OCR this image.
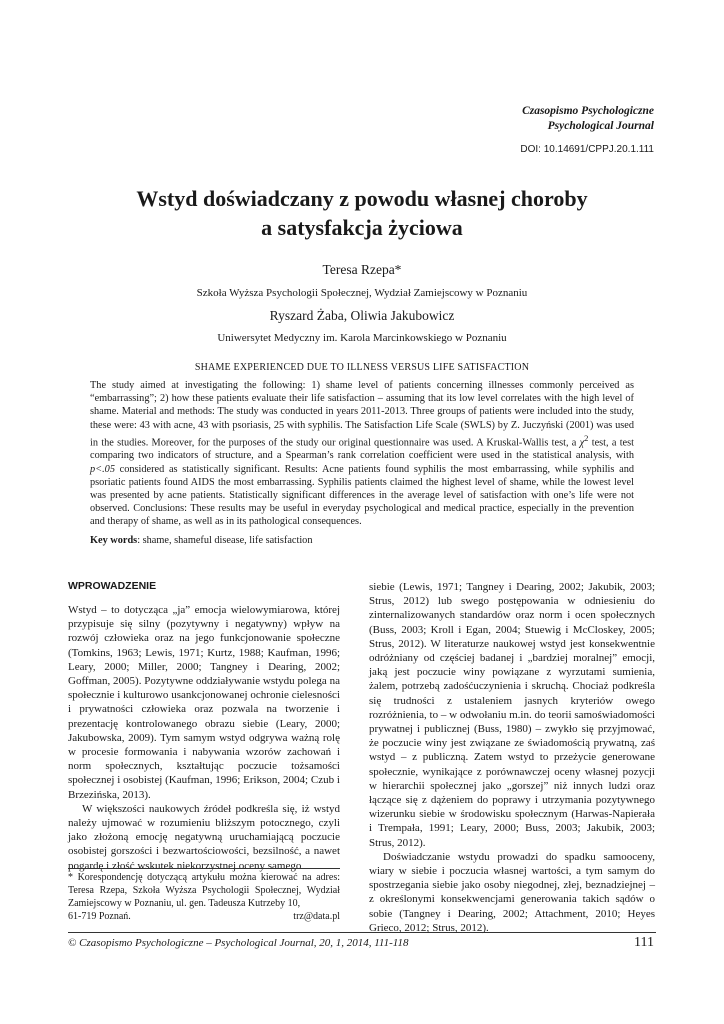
Czasopismo Psychologiczne
Psychological Journal
DOI: 10.14691/CPPJ.20.1.111
Wstyd doświadczany z powodu własnej choroby
a satysfakcja życiowa
Teresa Rzepa*
Szkoła Wyższa Psychologii Społecznej, Wydział Zamiejscowy w Poznaniu
Ryszard Żaba, Oliwia Jakubowicz
Uniwersytet Medyczny im. Karola Marcinkowskiego w Poznaniu
SHAME EXPERIENCED DUE TO ILLNESS VERSUS LIFE SATISFACTION

The study aimed at investigating the following: 1) shame level of patients concerning illnesses commonly perceived as “embarrassing”; 2) how these patients evaluate their life satisfaction – assuming that its low level correlates with the high level of shame. Material and methods: The study was conducted in years 2011-2013. Three groups of patients were included into the study, these were: 43 with acne, 43 with psoriasis, 25 with syphilis. The Satisfaction Life Scale (SWLS) by Z. Juczyński (2001) was used in the studies. Moreover, for the purposes of the study our original questionnaire was used. A Kruskal-Wallis test, a $\chi^2$ test, a test comparing two indicators of structure, and a Spearman’s rank correlation coefficient were used in the statistical analysis, with p<.05 considered as statistically significant. Results: Acne patients found syphilis the most embarrassing, while syphilis and psoriatic patients found AIDS the most embarrassing. Syphilis patients claimed the highest level of shame, while the lowest level was presented by acne patients. Statistically significant differences in the average level of satisfaction with one’s life were not observed. Conclusions: These results may be useful in everyday psychological and medical practice, especially in the prevention and therapy of shame, as well as in its pathological consequences.

Key words: shame, shameful disease, life satisfaction
WPROWADZENIE

Wstyd – to dotycząca „ja” emocja wielowymiarowa, której przypisuje się silny (pozytywny i negatywny) wpływ na rozwój człowieka oraz na jego funkcjonowanie społeczne (Tomkins, 1963; Lewis, 1971; Kurtz, 1988; Kaufman, 1996; Leary, 2000; Miller, 2000; Tangney i Dearing, 2002; Goffman, 2005). Pozytywne oddziaływanie wstydu polega na społecznie i kulturowo usankcjonowanej ochronie cielesności i prywatności człowieka oraz pozwala na tworzenie i prezentację kontrolowanego obrazu siebie (Leary, 2000; Jakubowska, 2009). Tym samym wstyd odgrywa ważną rolę w procesie formowania i nabywania wzorów zachowań i norm społecznych, kształtując poczucie tożsamości społecznej i osobistej (Kaufman, 1996; Erikson, 2004; Czub i Brzezińska, 2013).

W większości naukowych źródeł podkreśla się, iż wstyd należy ujmować w rozumieniu bliższym potocznego, czyli jako złożoną emocję negatywną uruchamiającą poczucie osobistej gorszości i bezwartościowości, bezsilność, a nawet pogardę i złość wskutek niekorzystnej oceny samego

siebie (Lewis, 1971; Tangney i Dearing, 2002; Jakubik, 2003; Strus, 2012) lub swego postępowania w odniesieniu do zinternalizowanych standardów oraz norm i ocen społecznych (Buss, 2003; Kroll i Egan, 2004; Stuewig i McCloskey, 2005; Strus, 2012). W literaturze naukowej wstyd jest konsekwentnie odróżniany od częściej badanej i „bardziej moralnej” emocji, jaką jest poczucie winy powiązane z wyrzutami sumienia, żalem, potrzebą zadośćuczynienia i skruchą. Chociaż podkreśla się trudności z ustaleniem jasnych kryteriów owego rozróżnienia, to – w odwołaniu m.in. do teorii samoświadomości prywatnej i publicznej (Buss, 1980) – zwykło się przyjmować, że poczucie winy jest związane ze świadomością prywatną, zaś wstyd – z publiczną. Zatem wstyd to przeżycie generowane społecznie, wynikające z porównawczej oceny własnej pozycji w hierarchii społecznej jako „gorszej” niż innych ludzi oraz łączące się z dążeniem do poprawy i utrzymania pozytywnego wizerunku siebie w środowisku społecznym (Harwas-Napierała i Trempała, 1991; Leary, 2000; Buss, 2003; Jakubik, 2003; Strus, 2012).

Doświadczanie wstydu prowadzi do spadku samooceny, wiary w siebie i poczucia własnej wartości, a tym samym do spostrzegania siebie jako osoby niegodnej, złej, beznadziejnej – z określonymi konsekwencjami generowania takich sądów o sobie (Tangney i Dearing, 2002; Attachment, 2010; Heyes Grieco, 2012; Strus, 2012).

* Korespondencję dotyczącą artykułu można kierować na adres: Teresa Rzepa, Szkoła Wyższa Psychologii Społecznej, Wydział Zamiejscowy w Poznaniu, ul. gen. Tadeusza Kutrzeby 10,
61-719 Poznań.	trz@data.pl
© Czasopismo Psychologiczne – Psychological Journal, 20, 1, 2014, 111-118	111
